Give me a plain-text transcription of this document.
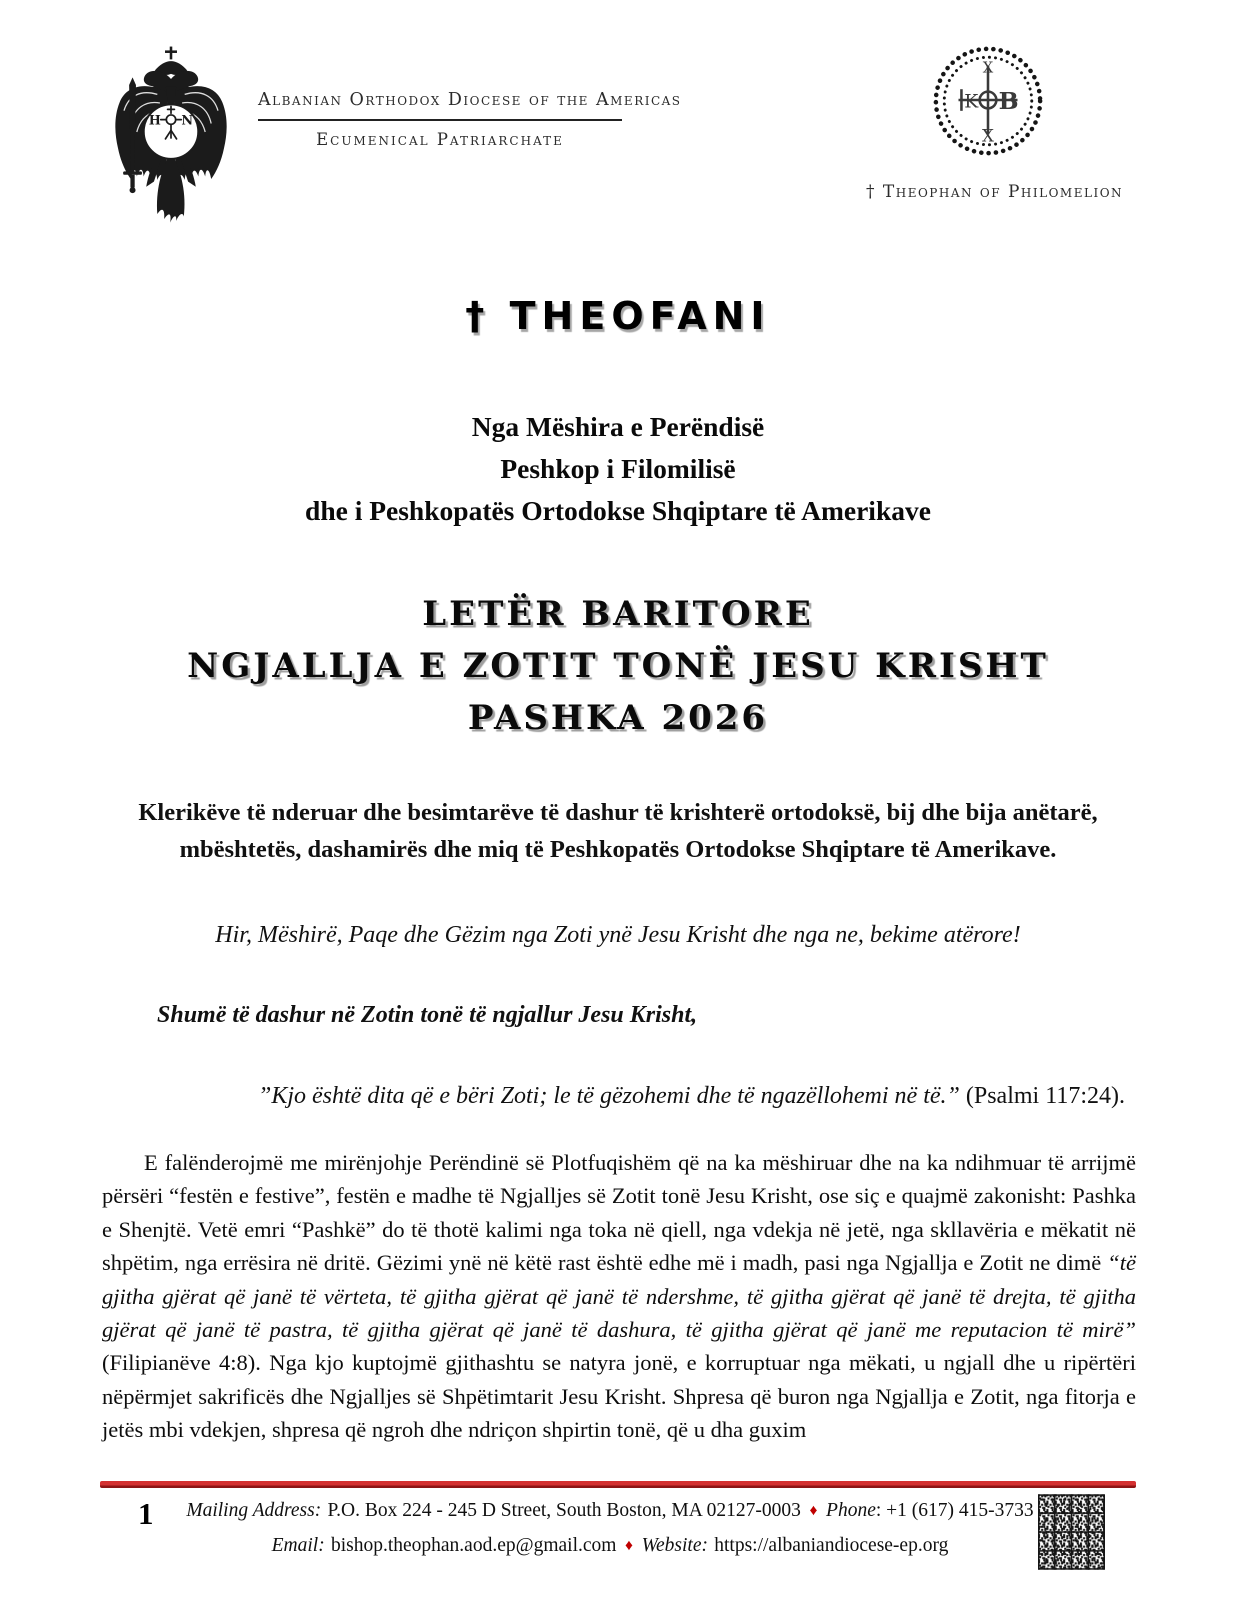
H N
Albanian Orthodox Diocese of the Americas
Ecumenical Patriarchate
K B
X
X
† Theophan of Philomelion
† THEOFANI
Nga Mëshira e Perëndisë
Peshkop i Filomilisë
dhe i Peshkopatës Ortodokse Shqiptare të Amerikave
LETËR BARITORE
NGJALLJA E ZOTIT TONË JESU KRISHT
PASHKA 2026

Klerikëve të nderuar dhe besimtarëve të dashur të krishterë ortodoksë, bij dhe bija anëtarë, mbështetës, dashamirës dhe miq të Peshkopatës Ortodokse Shqiptare të Amerikave.

Hir, Mëshirë, Paqe dhe Gëzim nga Zoti ynë Jesu Krisht dhe nga ne, bekime atërore!

Shumë të dashur në Zotin tonë të ngjallur Jesu Krisht,

”Kjo është dita që e bëri Zoti; le të gëzohemi dhe të ngazëllohemi në të.” (Psalmi 117:24).

E falënderojmë me mirënjohje Perëndinë së Plotfuqishëm që na ka mëshiruar dhe na ka ndihmuar të arrijmë përsëri “festën e festive”, festën e madhe të Ngjalljes së Zotit tonë Jesu Krisht, ose siç e quajmë zakonisht: Pashka e Shenjtë. Vetë emri “Pashkë” do të thotë kalimi nga toka në qiell, nga vdekja në jetë, nga skllavëria e mëkatit në shpëtim, nga errësira në dritë. Gëzimi ynë në këtë rast është edhe më i madh, pasi nga Ngjallja e Zotit ne dimë “të gjitha gjërat që janë të vërteta, të gjitha gjërat që janë të ndershme, të gjitha gjërat që janë të drejta, të gjitha gjërat që janë të pastra, të gjitha gjërat që janë të dashura, të gjitha gjërat që janë me reputacion të mirë” (Filipianëve 4:8). Nga kjo kuptojmë gjithashtu se natyra jonë, e korruptuar nga mëkati, u ngjall dhe u ripërtëri nëpërmjet sakrificës dhe Ngjalljes së Shpëtimtarit Jesu Krisht. Shpresa që buron nga Ngjallja e Zotit, nga fitorja e jetës mbi vdekjen, shpresa që ngroh dhe ndriçon shpirtin tonë, që u dha guxim

1	Mailing Address: P.O. Box 224 - 245 D Street, South Boston, MA 02127-0003 ♦ Phone: +1 (617) 415-3733
Email: bishop.theophan.aod.ep@gmail.com ♦ Website: https://albaniandiocese-ep.org
